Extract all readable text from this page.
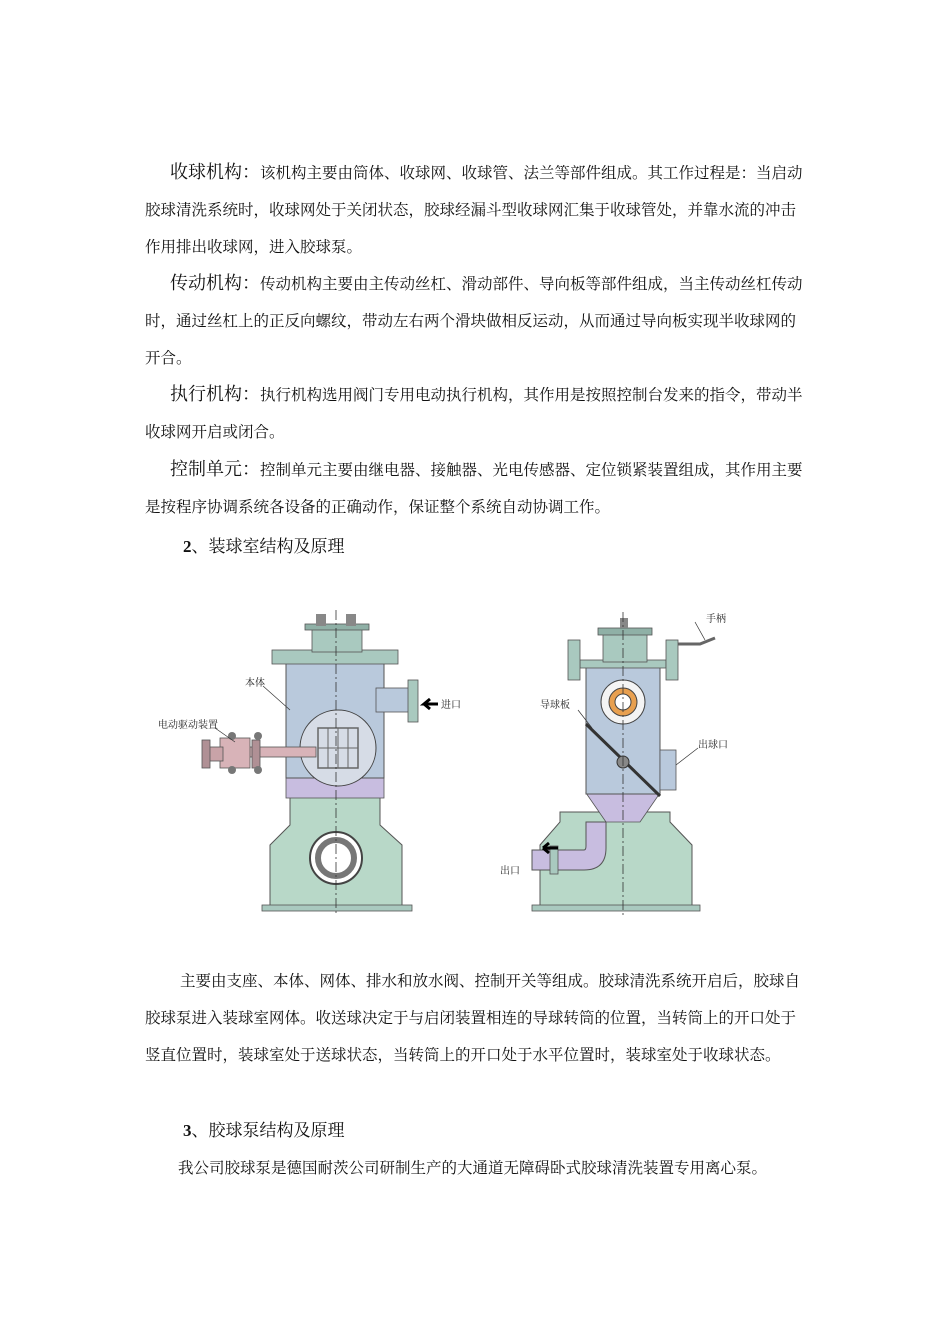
收球机构：该机构主要由筒体、收球网、收球管、法兰等部件组成。其工作过程是：当启动胶球清洗系统时，收球网处于关闭状态，胶球经漏斗型收球网汇集于收球管处，并靠水流的冲击作用排出收球网，进入胶球泵。

传动机构：传动机构主要由主传动丝杠、滑动部件、导向板等部件组成，当主传动丝杠传动时，通过丝杠上的正反向螺纹，带动左右两个滑块做相反运动，从而通过导向板实现半收球网的开合。

执行机构：执行机构选用阀门专用电动执行机构，其作用是按照控制台发来的指令，带动半收球网开启或闭合。

控制单元：控制单元主要由继电器、接触器、光电传感器、定位锁紧装置组成，其作用主要是按程序协调系统各设备的正确动作，保证整个系统自动协调工作。

2、装球室结构及原理
本体
进口
电动驱动装置
手柄
导球板
出球口
出口

主要由支座、本体、网体、排水和放水阀、控制开关等组成。胶球清洗系统开启后，胶球自胶球泵进入装球室网体。收送球决定于与启闭装置相连的导球转筒的位置，当转筒上的开口处于竖直位置时，装球室处于送球状态，当转筒上的开口处于水平位置时，装球室处于收球状态。

3、胶球泵结构及原理

我公司胶球泵是德国耐茨公司研制生产的大通道无障碍卧式胶球清洗装置专用离心泵。
